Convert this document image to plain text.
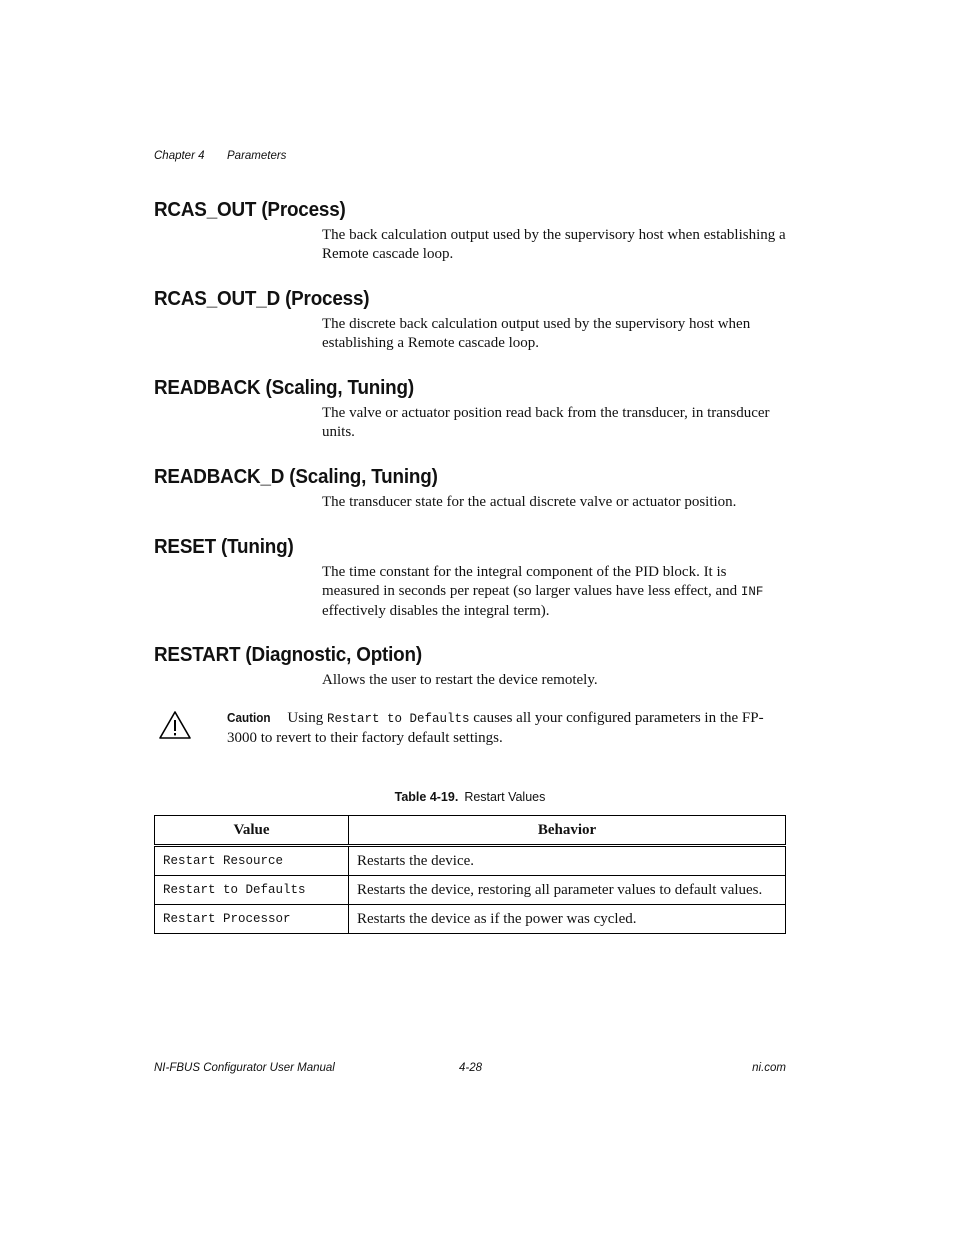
Chapter 4 Parameters
RCAS_OUT (Process)

The back calculation output used by the supervisory host when establishing a Remote cascade loop.

RCAS_OUT_D (Process)

The discrete back calculation output used by the supervisory host when establishing a Remote cascade loop.

READBACK (Scaling, Tuning)

The valve or actuator position read back from the transducer, in transducer units.

READBACK_D (Scaling, Tuning)

The transducer state for the actual discrete valve or actuator position.

RESET (Tuning)

The time constant for the integral component of the PID block. It is measured in seconds per repeat (so larger values have less effect, and INF effectively disables the integral term).

RESTART (Diagnostic, Option)

Allows the user to restart the device remotely.

Caution Using Restart to Defaults causes all your configured parameters in the FP-3000 to revert to their factory default settings.
Table 4-19. Restart Values
Value	Behavior
Restart Resource	Restarts the device.
Restart to Defaults	Restarts the device, restoring all parameter values to default values.
Restart Processor	Restarts the device as if the power was cycled.
NI-FBUS Configurator User Manual	4-28	ni.com
